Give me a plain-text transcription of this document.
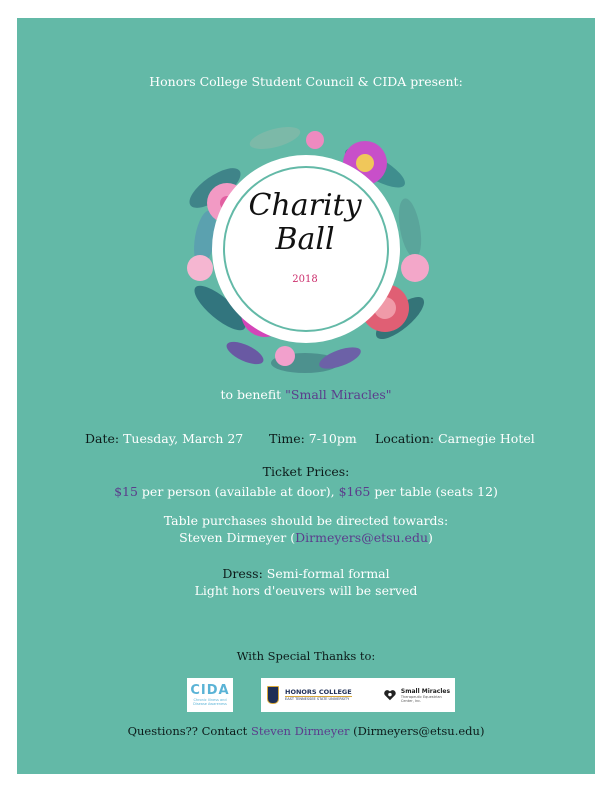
Honors College Student Council & CIDA present:
Charity
Ball
2018
to benefit "Small Miracles"
Date: Tuesday, March 27 Time: 7-10pm Location: Carnegie Hotel
Ticket Prices:
$15 per person (available at door), $165 per table (seats 12)
Table purchases should be directed towards:
Steven Dirmeyer (Dirmeyers@etsu.edu)
Dress: Semi-formal formal
Light hors d'oeuvers will be served
With Special Thanks to:
CIDA
Chronic Illness and Disease Awareness
HONORS COLLEGE
EAST TENNESSEE STATE UNIVERSITY
Small Miracles
Therapeutic Equestrian Center, Inc.
Questions?? Contact Steven Dirmeyer (Dirmeyers@etsu.edu)
